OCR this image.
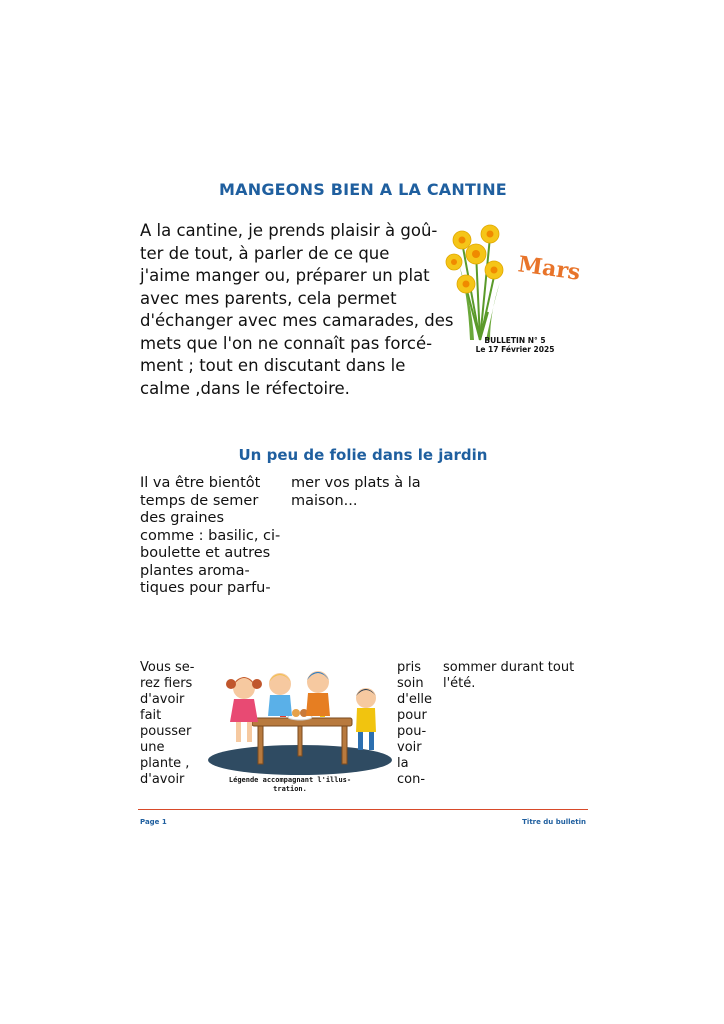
MANGEONS BIEN A LA CANTINE
A la cantine, je prends plaisir à goû-
ter de tout, à parler de ce que
j'aime manger ou, préparer un plat
avec mes parents, cela permet
d'échanger avec mes camarades, des
mets que l'on ne connaît pas forcé-
ment ; tout en discutant dans le
calme ,dans le réfectoire.
Mars
BULLETIN N° 5
Le 17 Février 2025
Un peu de folie dans le jardin
Il va être bientôt
temps de semer
des graines
comme : basilic, ci-
boulette et autres
plantes aroma-
tiques pour parfu-
mer vos plats à la
maison...
Vous se-
rez fiers
d'avoir
fait
pousser
une
plante ,
d'avoir	Légende accompagnant l'illus-
tration.
pris
soin
d'elle
pour
pou-
voir
la
con-
sommer durant tout
l'été.
Page 1	Titre du bulletin
